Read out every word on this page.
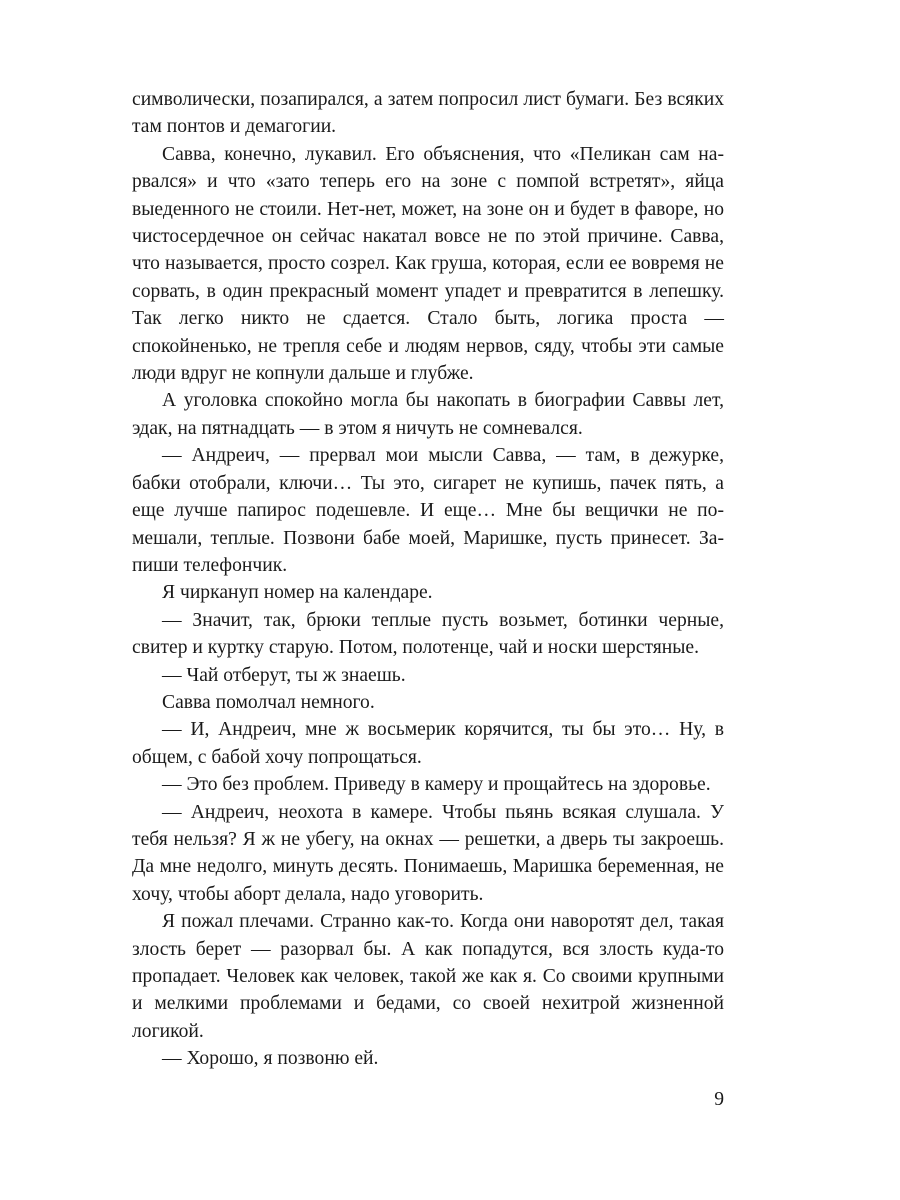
символически, позапирался, а затем попросил лист бумаги. Без всяких там понтов и демагогии.

Савва, конечно, лукавил. Его объяснения, что «Пеликан сам нарвался» и что «зато теперь его на зоне с помпой встретят», яйца выеденного не стоили. Нет-нет, может, на зоне он и будет в фаворе, но чистосердечное он сейчас накатал вовсе не по этой причине. Савва, что называется, просто созрел. Как груша, которая, если ее вовремя не сорвать, в один прекрасный момент упадет и превратится в лепешку. Так легко никто не сдается. Стало быть, логика проста — спокойненько, не трепля себе и людям нервов, сяду, чтобы эти самые люди вдруг не копнули дальше и глубже.

А уголовка спокойно могла бы накопать в биографии Саввы лет, эдак, на пятнадцать — в этом я ничуть не сомневался.

— Андреич, — прервал мои мысли Савва, — там, в дежурке, бабки отобрали, ключи… Ты это, сигарет не купишь, пачек пять, а еще лучше папирос подешевле. И еще… Мне бы вещички не помешали, теплые. Позвони бабе моей, Маришке, пусть принесет. Запиши телефончик.

Я чиркануп номер на календаре.

— Значит, так, брюки теплые пусть возьмет, ботинки черные, свитер и куртку старую. Потом, полотенце, чай и носки шерстяные.

— Чай отберут, ты ж знаешь.

Савва помолчал немного.

— И, Андреич, мне ж восьмерик корячится, ты бы это… Ну, в общем, с бабой хочу попрощаться.

— Это без проблем. Приведу в камеру и прощайтесь на здоровье.

— Андреич, неохота в камере. Чтобы пьянь всякая слушала. У тебя нельзя? Я ж не убегу, на окнах — решетки, а дверь ты закроешь. Да мне недолго, минуть десять. Понимаешь, Маришка беременная, не хочу, чтобы аборт делала, надо уговорить.

Я пожал плечами. Странно как-то. Когда они наворотят дел, такая злость берет — разорвал бы. А как попадутся, вся злость куда-то пропадает. Человек как человек, такой же как я. Со своими крупными и мелкими проблемами и бедами, со своей нехитрой жизненной логикой.

— Хорошо, я позвоню ей.

9
